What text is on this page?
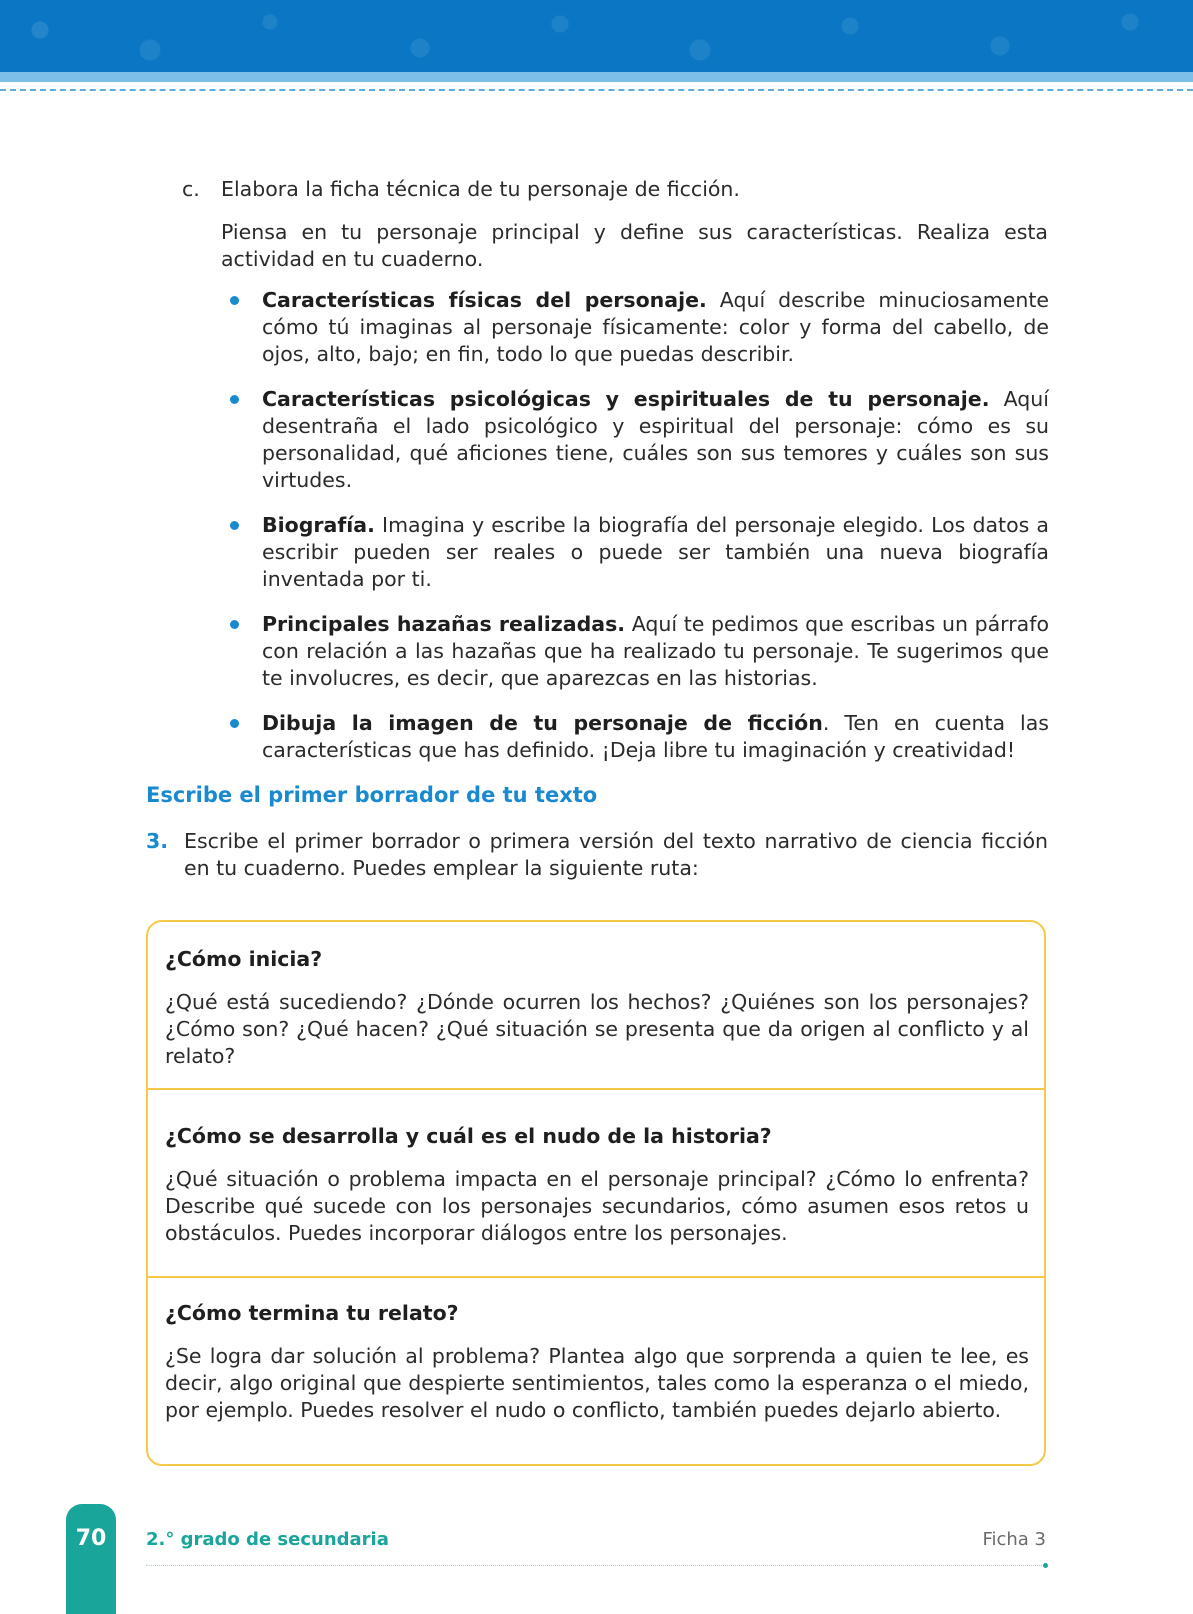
c. Elabora la ficha técnica de tu personaje de ficción.

Piensa en tu personaje principal y define sus características. Realiza esta actividad en tu cuaderno.

Características físicas del personaje. Aquí describe minuciosamente cómo tú imaginas al personaje físicamente: color y forma del cabello, de ojos, alto, bajo; en fin, todo lo que puedas describir.

Características psicológicas y espirituales de tu personaje. Aquí desentraña el lado psicológico y espiritual del personaje: cómo es su personalidad, qué aficiones tiene, cuáles son sus temores y cuáles son sus virtudes.

Biografía. Imagina y escribe la biografía del personaje elegido. Los datos a escribir pueden ser reales o puede ser también una nueva biografía inventada por ti.

Principales hazañas realizadas. Aquí te pedimos que escribas un párrafo con relación a las hazañas que ha realizado tu personaje. Te sugerimos que te involucres, es decir, que aparezcas en las historias.

Dibuja la imagen de tu personaje de ficción. Ten en cuenta las características que has definido. ¡Deja libre tu imaginación y creatividad!

Escribe el primer borrador de tu texto
3. Escribe el primer borrador o primera versión del texto narrativo de ciencia ficción en tu cuaderno. Puedes emplear la siguiente ruta:

¿Cómo inicia?

¿Qué está sucediendo? ¿Dónde ocurren los hechos? ¿Quiénes son los personajes? ¿Cómo son? ¿Qué hacen? ¿Qué situación se presenta que da origen al conflicto y al relato?

¿Cómo se desarrolla y cuál es el nudo de la historia?

¿Qué situación o problema impacta en el personaje principal? ¿Cómo lo enfrenta? Describe qué sucede con los personajes secundarios, cómo asumen esos retos u obstáculos. Puedes incorporar diálogos entre los personajes.

¿Cómo termina tu relato?

¿Se logra dar solución al problema? Plantea algo que sorprenda a quien te lee, es decir, algo original que despierte sentimientos, tales como la esperanza o el miedo, por ejemplo. Puedes resolver el nudo o conflicto, también puedes dejarlo abierto.

70	2.° grado de secundaria	Ficha 3
